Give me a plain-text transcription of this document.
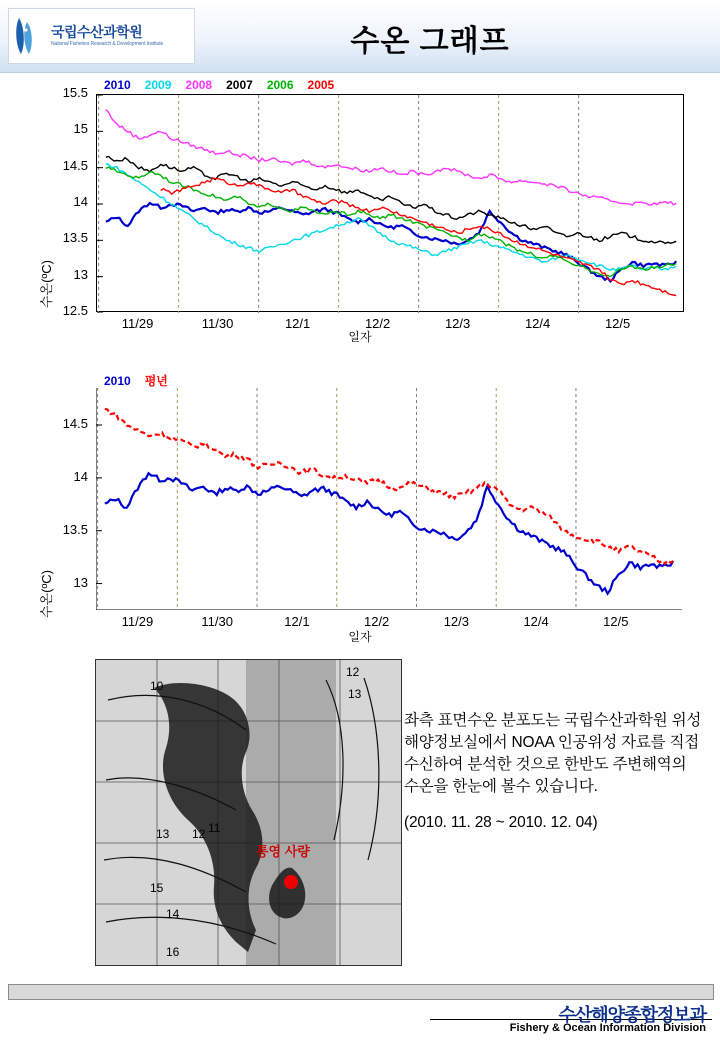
국립수산과학원
National Fisheries Research & Development Institute	수온 그래프
수온(ºC)
일자
12.5
13
13.5
14
14.5
15
15.5
11/29	11/30	12/1	12/2	12/3	12/4	12/5
2010 2009 2008 2007 2006 2005
수온(ºC)
일자
13
13.5
14
14.5
11/29	11/30	12/1	12/2	12/3	12/4	12/5
2010 평년
10
12
13
13 12 11
15
14
16
통영 사량
좌측 표면수온 분포도는 국립수산과학원 위성해양정보실에서 NOAA 인공위성 자료를 직접 수신하여 분석한 것으로 한반도 주변해역의 수온을 한눈에 볼수 있습니다.
(2010. 11. 28 ~ 2010. 12. 04)
수산해양종합정보과
Fishery & Ocean Information Division
